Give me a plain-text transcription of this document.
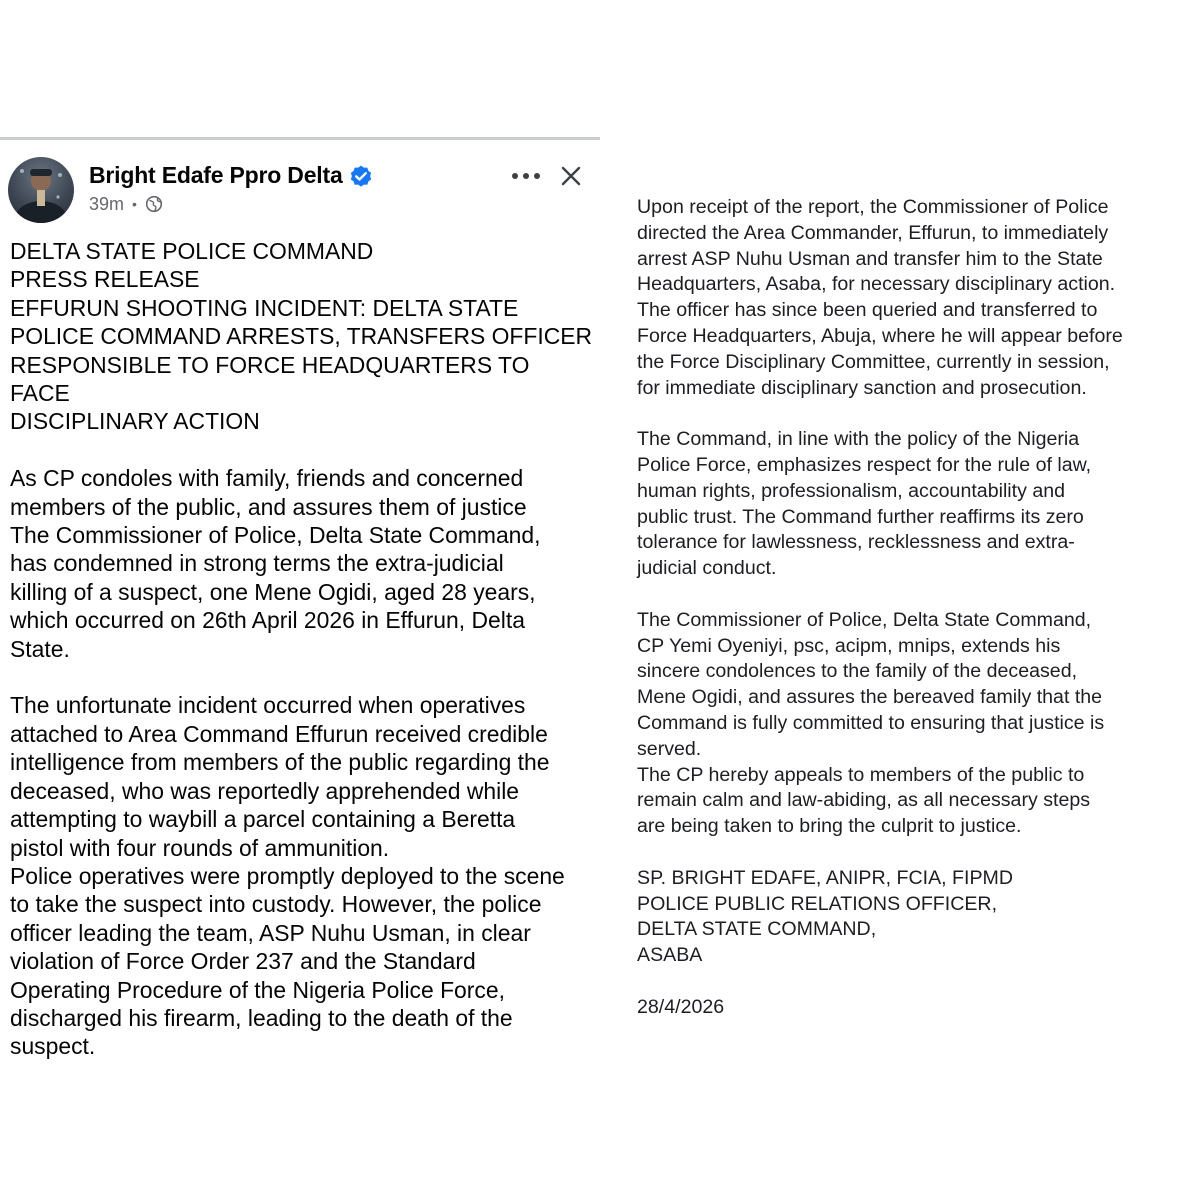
Bright Edafe Ppro Delta
39m •

DELTA STATE POLICE COMMAND
PRESS RELEASE
EFFURUN SHOOTING INCIDENT: DELTA STATE
POLICE COMMAND ARRESTS, TRANSFERS OFFICER
RESPONSIBLE TO FORCE HEADQUARTERS TO FACE
DISCIPLINARY ACTION

As CP condoles with family, friends and concerned
members of the public, and assures them of justice
The Commissioner of Police, Delta State Command,
has condemned in strong terms the extra-judicial
killing of a suspect, one Mene Ogidi, aged 28 years,
which occurred on 26th April 2026 in Effurun, Delta
State.

The unfortunate incident occurred when operatives
attached to Area Command Effurun received credible
intelligence from members of the public regarding the
deceased, who was reportedly apprehended while
attempting to waybill a parcel containing a Beretta
pistol with four rounds of ammunition.
Police operatives were promptly deployed to the scene
to take the suspect into custody. However, the police
officer leading the team, ASP Nuhu Usman, in clear
violation of Force Order 237 and the Standard
Operating Procedure of the Nigeria Police Force,
discharged his firearm, leading to the death of the
suspect.

Upon receipt of the report, the Commissioner of Police
directed the Area Commander, Effurun, to immediately
arrest ASP Nuhu Usman and transfer him to the State
Headquarters, Asaba, for necessary disciplinary action.
The officer has since been queried and transferred to
Force Headquarters, Abuja, where he will appear before
the Force Disciplinary Committee, currently in session,
for immediate disciplinary sanction and prosecution.

The Command, in line with the policy of the Nigeria
Police Force, emphasizes respect for the rule of law,
human rights, professionalism, accountability and
public trust. The Command further reaffirms its zero
tolerance for lawlessness, recklessness and extra-
judicial conduct.

The Commissioner of Police, Delta State Command,
CP Yemi Oyeniyi, psc, acipm, mnips, extends his
sincere condolences to the family of the deceased,
Mene Ogidi, and assures the bereaved family that the
Command is fully committed to ensuring that justice is
served.
The CP hereby appeals to members of the public to
remain calm and law-abiding, as all necessary steps
are being taken to bring the culprit to justice.

SP. BRIGHT EDAFE, ANIPR, FCIA, FIPMD
POLICE PUBLIC RELATIONS OFFICER,
DELTA STATE COMMAND,
ASABA

28/4/2026
